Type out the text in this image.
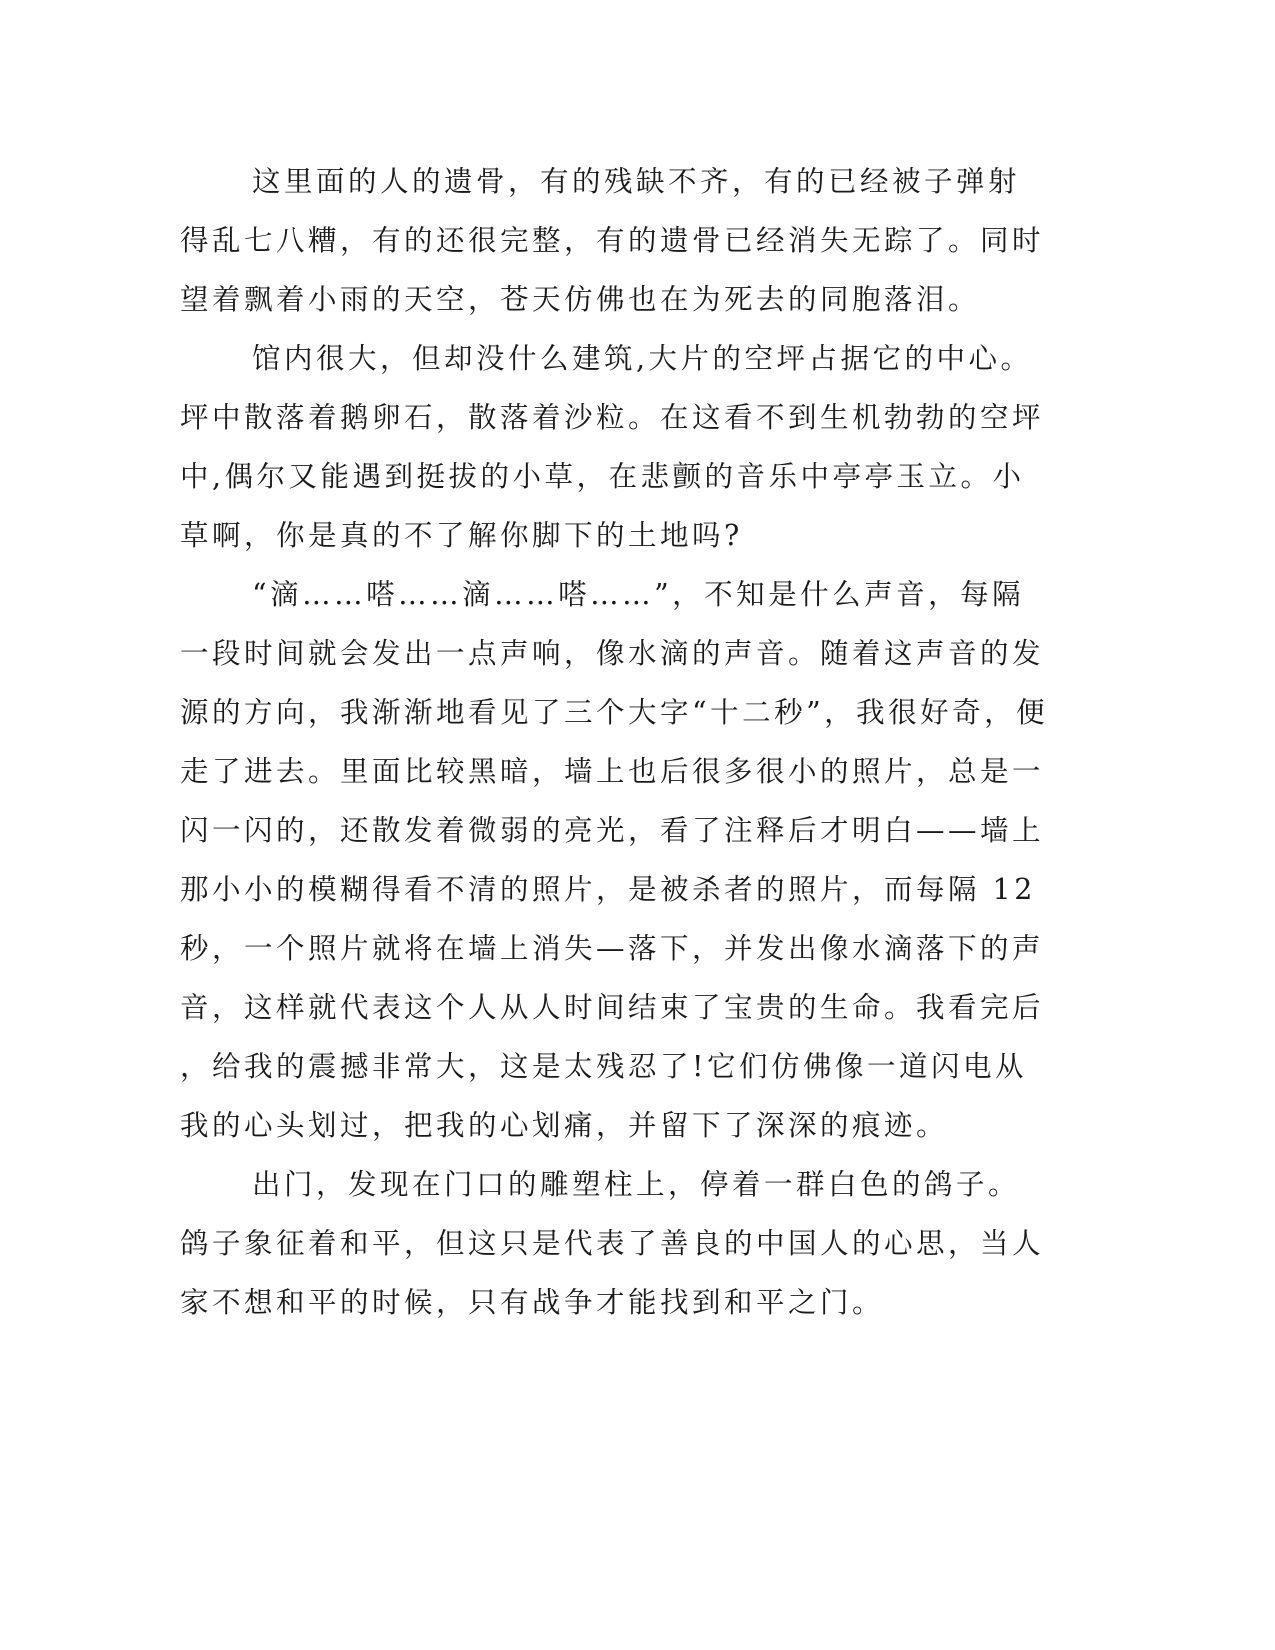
这里面的人的遗骨，有的残缺不齐，有的已经被子弹射
得乱七八糟，有的还很完整，有的遗骨已经消失无踪了。同时
望着飘着小雨的天空，苍天仿佛也在为死去的同胞落泪。
馆内很大，但却没什么建筑,大片的空坪占据它的中心。
坪中散落着鹅卵石，散落着沙粒。在这看不到生机勃勃的空坪
中,偶尔又能遇到挺拔的小草，在悲颤的音乐中亭亭玉立。小
草啊，你是真的不了解你脚下的土地吗?
“滴……嗒……滴……嗒……”，不知是什么声音，每隔
一段时间就会发出一点声响，像水滴的声音。随着这声音的发
源的方向，我渐渐地看见了三个大字“十二秒”，我很好奇，便
走了进去。里面比较黑暗，墙上也后很多很小的照片，总是一
闪一闪的，还散发着微弱的亮光，看了注释后才明白——墙上
那小小的模糊得看不清的照片，是被杀者的照片，而每隔 12
秒，一个照片就将在墙上消失—落下，并发出像水滴落下的声
音，这样就代表这个人从人时间结束了宝贵的生命。我看完后
，给我的震撼非常大，这是太残忍了!它们仿佛像一道闪电从
我的心头划过，把我的心划痛，并留下了深深的痕迹。
出门，发现在门口的雕塑柱上，停着一群白色的鸽子。
鸽子象征着和平，但这只是代表了善良的中国人的心思，当人
家不想和平的时候，只有战争才能找到和平之门。
